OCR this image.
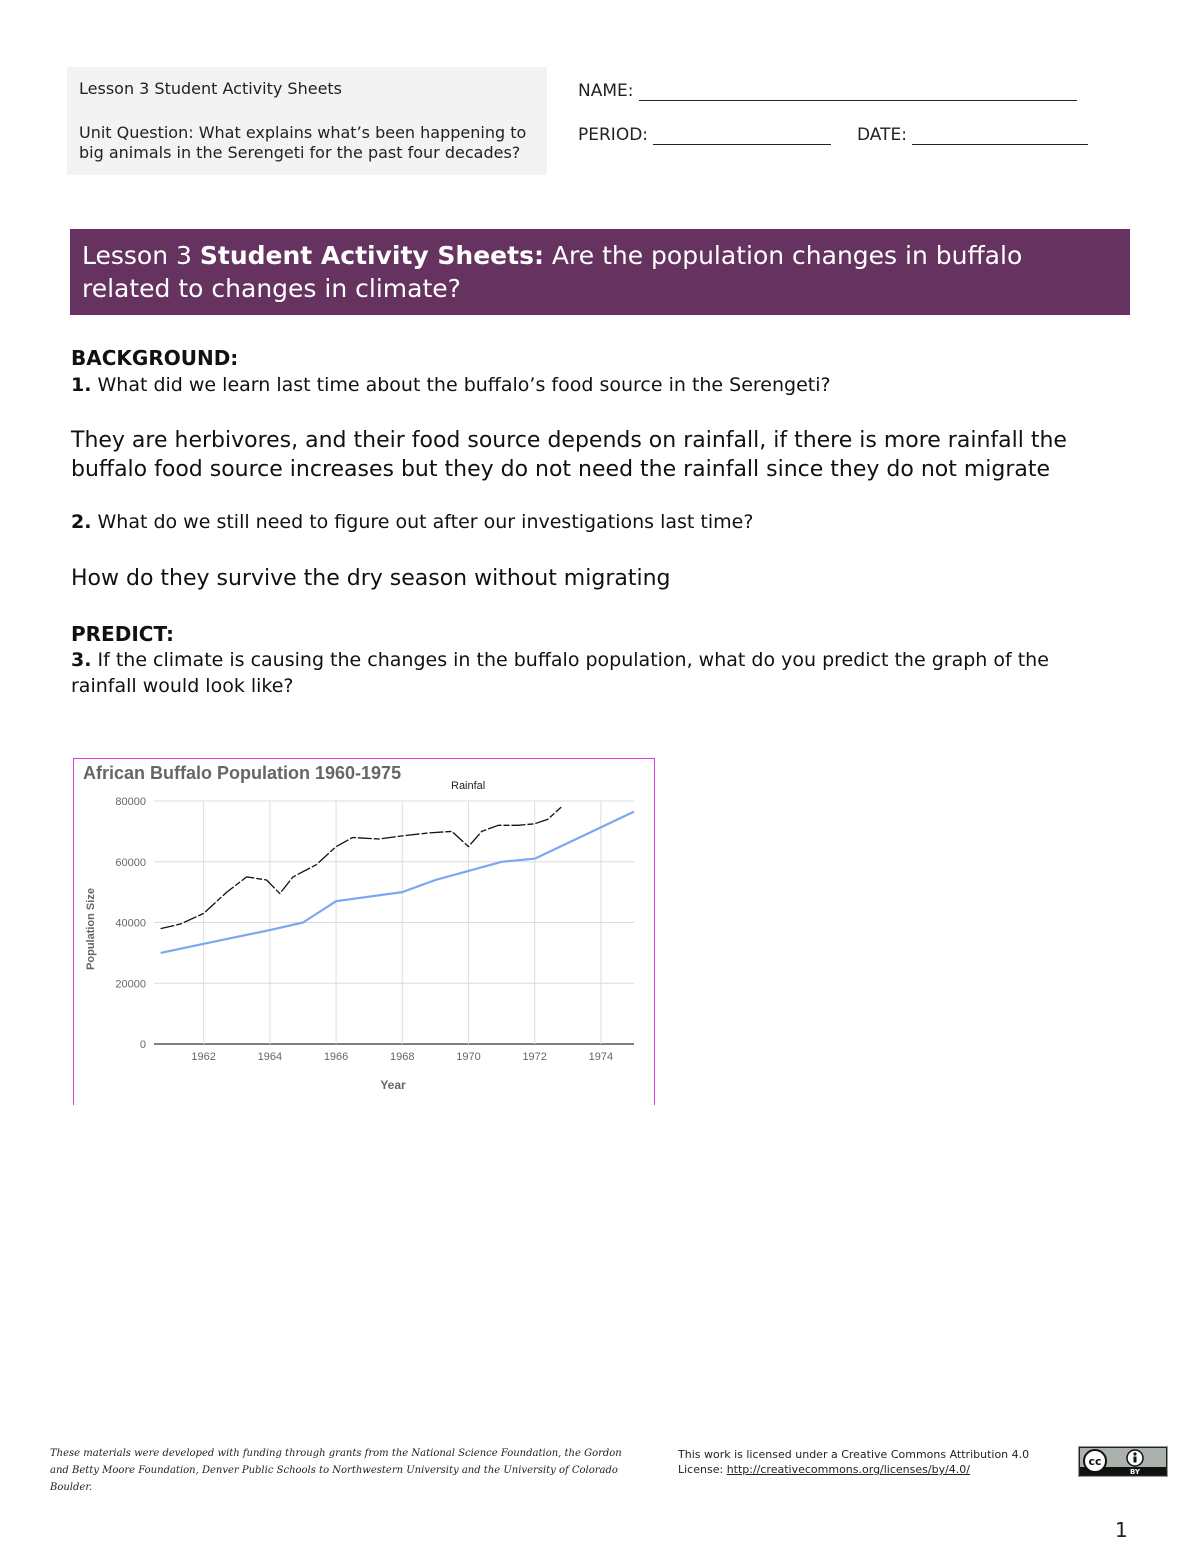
Lesson 3 Student Activity Sheets
Unit Question: What explains what’s been happening to big animals in the Serengeti for the past four decades?
NAME:
PERIOD:	DATE:
Lesson 3 Student Activity Sheets: Are the population changes in buffalo related to changes in climate?
BACKGROUND:
1. What did we learn last time about the buffalo’s food source in the Serengeti?
They are herbivores, and their food source depends on rainfall, if there is more rainfall the buffalo food source increases but they do not need the rainfall since they do not migrate
2. What do we still need to figure out after our investigations last time?
How do they survive the dry season without migrating
PREDICT:
3. If the climate is causing the changes in the buffalo population, what do you predict the graph of the rainfall would look like?
African Buffalo Population 1960-1975
Population Size
Year
Rainfal
0
20000
40000
60000
80000
1962	1964	1966	1968	1970	1972	1974
These materials were developed with funding through grants from the National Science Foundation, the Gordon and Betty Moore Foundation, Denver Public Schools to Northwestern University and the University of Colorado Boulder.
This work is licensed under a Creative Commons Attribution 4.0 License: http://creativecommons.org/licenses/by/4.0/
cc
BY
1
